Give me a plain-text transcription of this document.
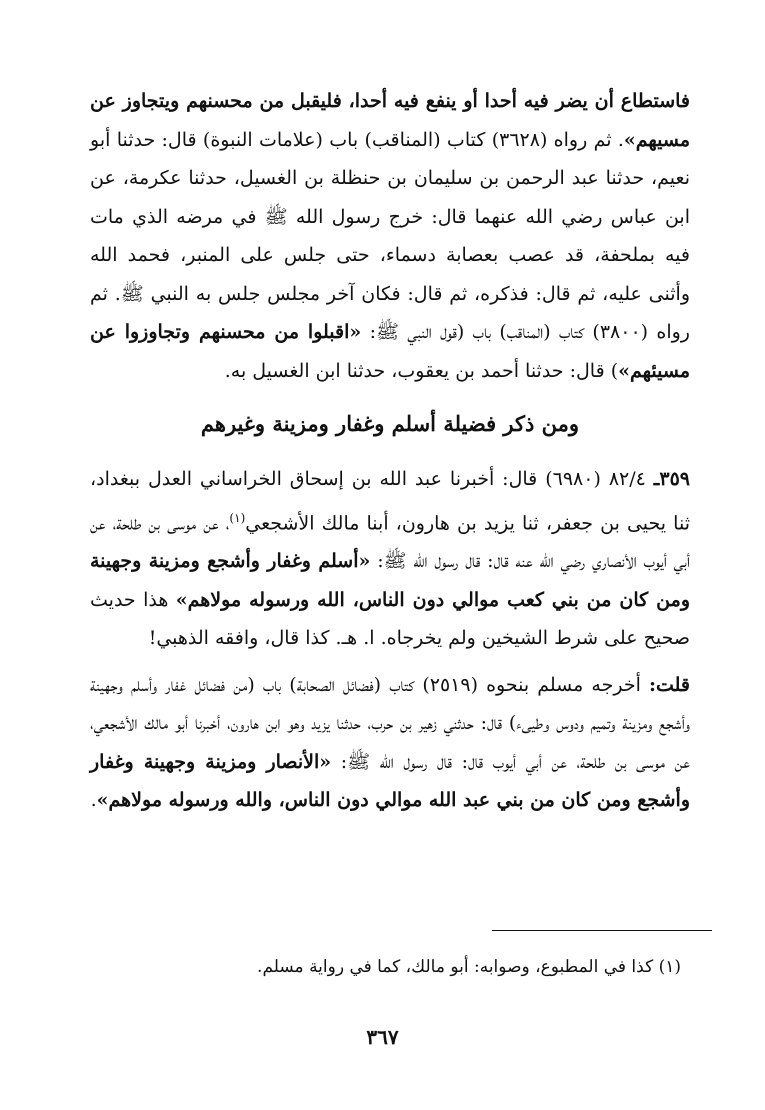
فاستطاع أن يضر فيه أحدا أو ينفع فيه أحدا، فليقبل من محسنهم ويتجاوز عن مسيهم». ثم رواه (٣٦٢٨) كتاب (المناقب) باب (علامات النبوة) قال: حدثنا أبو نعيم، حدثنا عبد الرحمن بن سليمان بن حنظلة بن الغسيل، حدثنا عكرمة، عن ابن عباس رضي الله عنهما قال: خرج رسول الله ﷺ في مرضه الذي مات فيه بملحفة، قد عصب بعصابة دسماء، حتى جلس على المنبر، فحمد الله وأثنى عليه، ثم قال: فذكره، ثم قال: فكان آخر مجلس جلس به النبي ﷺ. ثم رواه (٣٨٠٠) كتاب (المناقب) باب (قول النبي ﷺ: «اقبلوا من محسنهم وتجاوزوا عن مسيئهم») قال: حدثنا أحمد بن يعقوب، حدثنا ابن الغسيل به.

ومن ذكر فضيلة أسلم وغفار ومزينة وغيرهم

٣٥٩ـ ٨٢/٤ (٦٩٨٠) قال: أخبرنا عبد الله بن إسحاق الخراساني العدل ببغداد، ثنا يحيى بن جعفر، ثنا يزيد بن هارون، أبنا مالك الأشجعي$^{(١)}$، عن موسى بن طلحة، عن أبي أيوب الأنصاري رضي الله عنه قال: قال رسول الله ﷺ: «أسلم وغفار وأشجع ومزينة وجهينة ومن كان من بني كعب موالي دون الناس، الله ورسوله مولاهم» هذا حديث صحيح على شرط الشيخين ولم يخرجاه. ا. هـ. كذا قال، وافقه الذهبي!

قلت: أخرجه مسلم بنحوه (٢٥١٩) كتاب (فضائل الصحابة) باب (من فضائل غفار وأسلم وجهينة وأشجع ومزينة وتميم ودوس وطيىء) قال: حدثني زهير بن حرب، حدثنا يزيد وهو ابن هارون، أخبرنا أبو مالك الأشجعي، عن موسى بن طلحة، عن أبي أيوب قال: قال رسول الله ﷺ: «الأنصار ومزينة وجهينة وغفار وأشجع ومن كان من بني عبد الله موالي دون الناس، والله ورسوله مولاهم».

(١) كذا في المطبوع، وصوابه: أبو مالك، كما في رواية مسلم.
٣٦٧
